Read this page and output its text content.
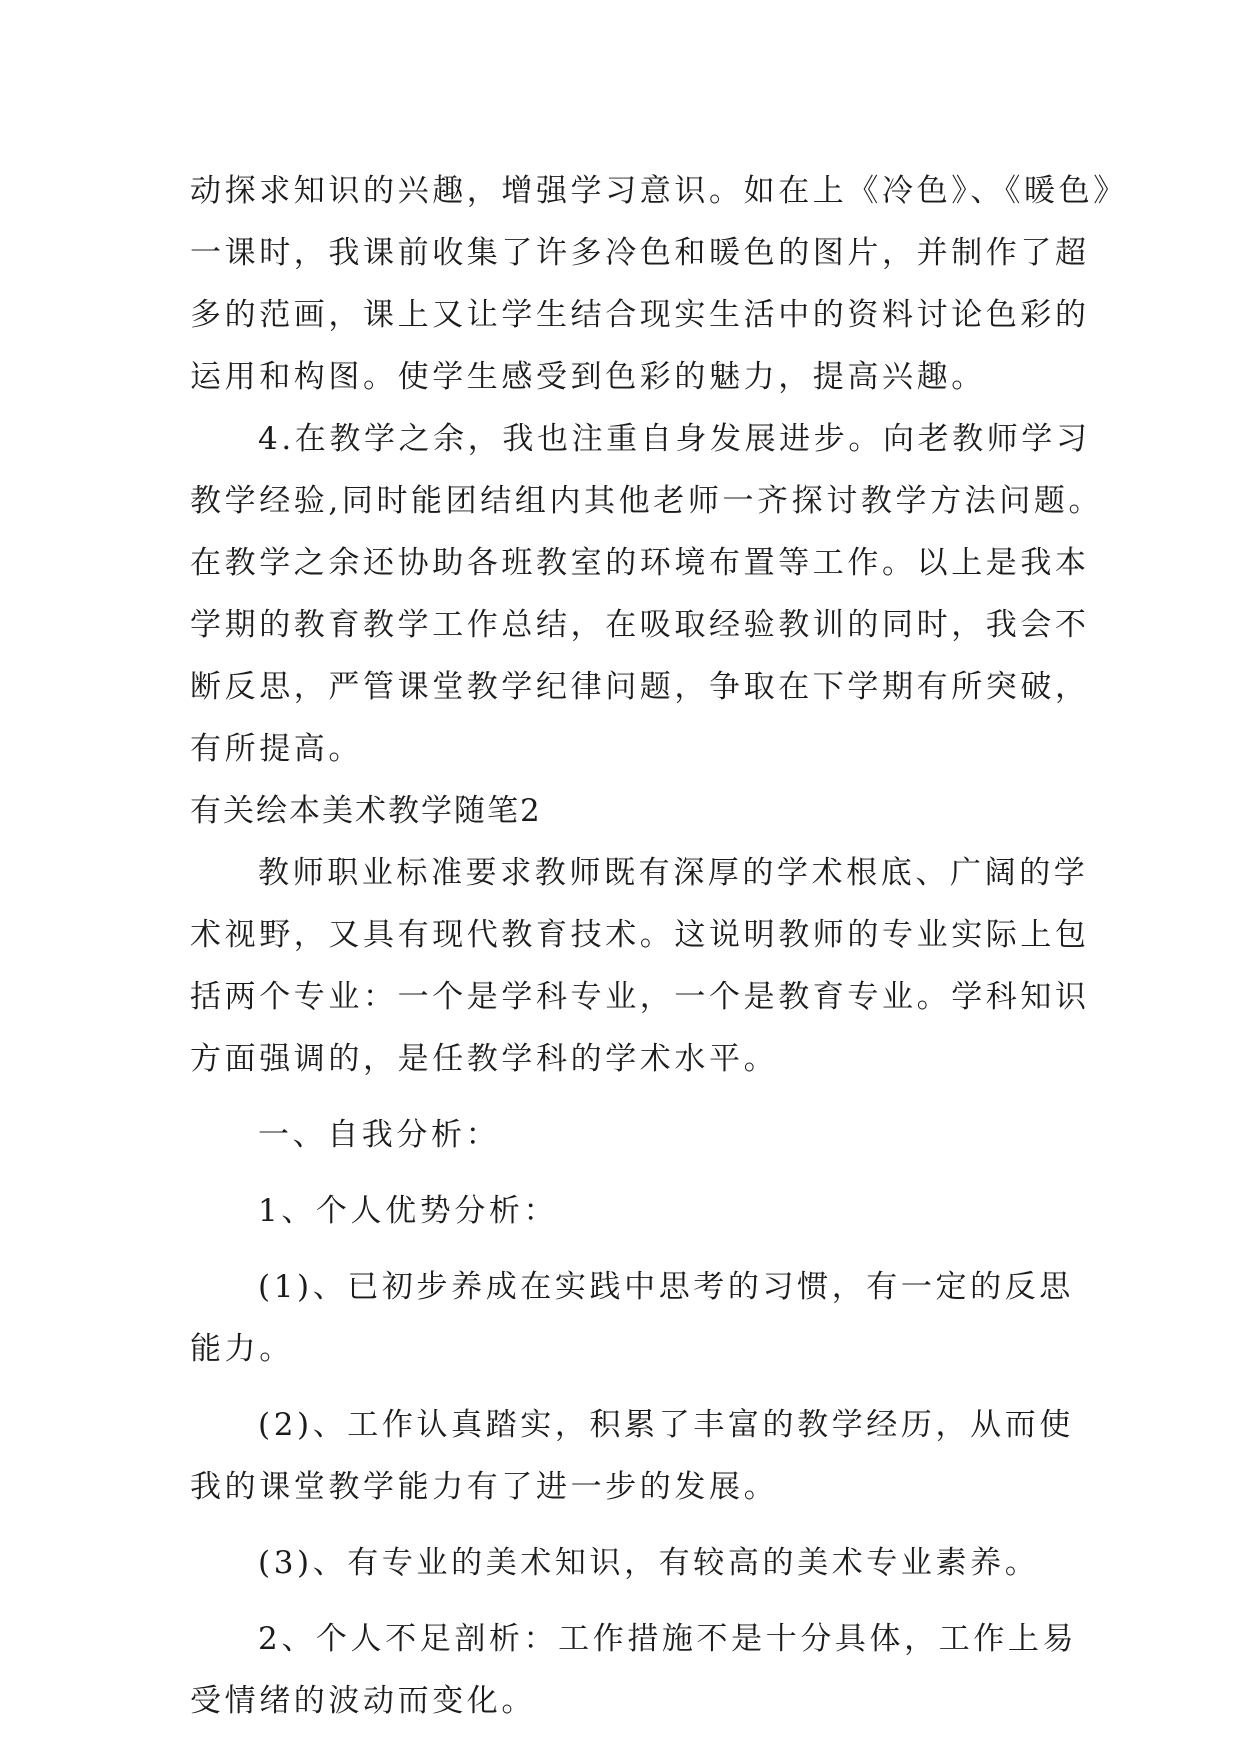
动探求知识的兴趣，增强学习意识。如在上《冷色》、《暖色》
一课时，我课前收集了许多冷色和暖色的图片，并制作了超
多的范画，课上又让学生结合现实生活中的资料讨论色彩的
运用和构图。使学生感受到色彩的魅力，提高兴趣。
4.在教学之余，我也注重自身发展进步。向老教师学习
教学经验,同时能团结组内其他老师一齐探讨教学方法问题。
在教学之余还协助各班教室的环境布置等工作。以上是我本
学期的教育教学工作总结，在吸取经验教训的同时，我会不
断反思，严管课堂教学纪律问题，争取在下学期有所突破，
有所提高。
有关绘本美术教学随笔2
教师职业标准要求教师既有深厚的学术根底、广阔的学
术视野，又具有现代教育技术。这说明教师的专业实际上包
括两个专业：一个是学科专业，一个是教育专业。学科知识
方面强调的，是任教学科的学术水平。
一、自我分析：
1、个人优势分析：
(1)、已初步养成在实践中思考的习惯，有一定的反思
能力。
(2)、工作认真踏实，积累了丰富的教学经历，从而使
我的课堂教学能力有了进一步的发展。
(3)、有专业的美术知识，有较高的美术专业素养。
2、个人不足剖析：工作措施不是十分具体，工作上易
受情绪的波动而变化。
